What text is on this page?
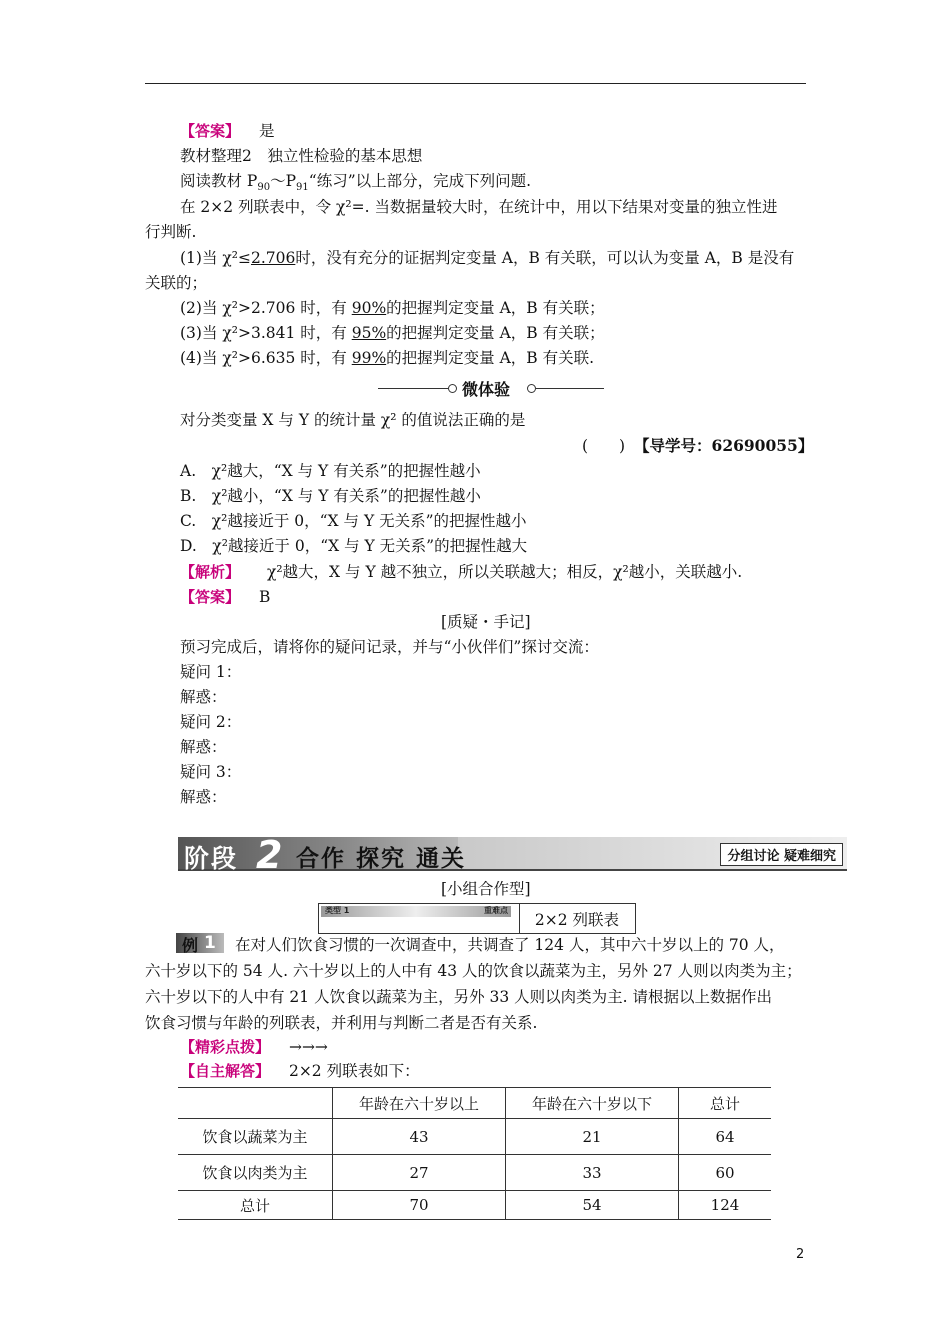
【答案】 是
教材整理2　独立性检验的基本思想
阅读教材 $P_{90}\sim P_{91}“$练习”以上部分，完成下列问题.
在 2×2 列联表中，令 χ²=. 当数据量较大时，在统计中，用以下结果对变量的独立性进
行判断.
(1)当 χ²≤2.706时，没有充分的证据判定变量 A，B 有关联，可以认为变量 A，B 是没有
关联的；
(2)当 χ²>2.706 时，有 90%的把握判定变量 A，B 有关联；
(3)当 χ²>3.841 时，有 95%的把握判定变量 A，B 有关联；
(4)当 χ²>6.635 时，有 99%的把握判定变量 A，B 有关联.
微体验
对分类变量 X 与 Y 的统计量 χ² 的值说法正确的是
(　　) 【导学号：62690055】
A.　χ²越大，“X 与 Y 有关系”的把握性越小
B.　χ²越小，“X 与 Y 有关系”的把握性越小
C.　χ²越接近于 0，“X 与 Y 无关系”的把握性越小
D.　χ²越接近于 0，“X 与 Y 无关系”的把握性越大
【解析】 χ²越大，X 与 Y 越不独立，所以关联越大；相反，χ²越小，关联越小.
【答案】 B
[质疑・手记]
预习完成后，请将你的疑问记录，并与“小伙伴们”探讨交流：
疑问 1：
解惑：
疑问 2：
解惑：
疑问 3：
解惑：
阶段 2 合作 探究 通关	分组讨论 疑难细究
[小组合作型]
类型 1	重难点
2×2 列联表
例 1 在对人们饮食习惯的一次调查中，共调查了 124 人，其中六十岁以上的 70 人，
六十岁以下的 54 人. 六十岁以上的人中有 43 人的饮食以蔬菜为主，另外 27 人则以肉类为主；
六十岁以下的人中有 21 人饮食以蔬菜为主，另外 33 人则以肉类为主. 请根据以上数据作出
饮食习惯与年龄的列联表，并利用与判断二者是否有关系.
【精彩点拨】 →→→
【自主解答】 2×2 列联表如下：
	年龄在六十岁以上	年龄在六十岁以下	总计
饮食以蔬菜为主	43	21	64
饮食以肉类为主	27	33	60
总计	70	54	124
2
